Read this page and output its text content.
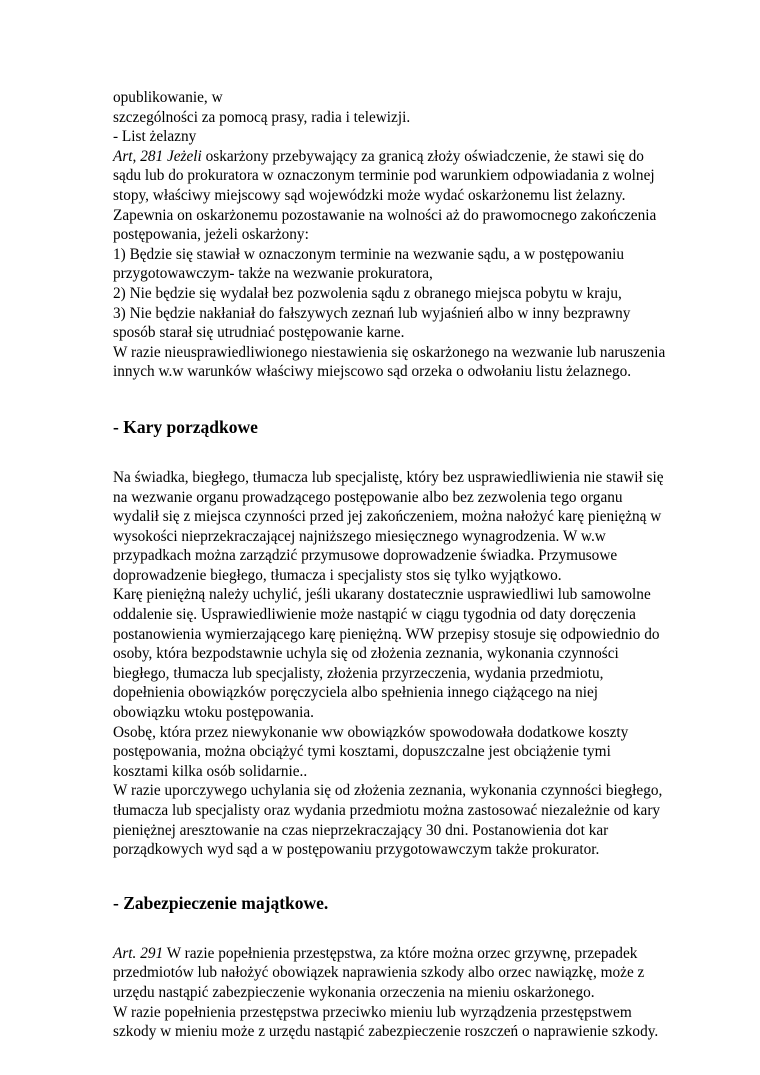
opublikowanie, w
szczególności za pomocą prasy, radia i telewizji.
- List żelazny
Art, 281 Jeżeli oskarżony przebywający za granicą złoży oświadczenie, że stawi się do
sądu lub do prokuratora w oznaczonym terminie pod warunkiem odpowiadania z wolnej
stopy, właściwy miejscowy sąd wojewódzki może wydać oskarżonemu list żelazny.
Zapewnia on oskarżonemu pozostawanie na wolności aż do prawomocnego zakończenia
postępowania, jeżeli oskarżony:
1) Będzie się stawiał w oznaczonym terminie na wezwanie sądu, a w postępowaniu
przygotowawczym- także na wezwanie prokuratora,
2) Nie będzie się wydalał bez pozwolenia sądu z obranego miejsca pobytu w kraju,
3) Nie będzie nakłaniał do fałszywych zeznań lub wyjaśnień albo w inny bezprawny
sposób starał się utrudniać postępowanie karne.
W razie nieusprawiedliwionego niestawienia się oskarżonego na wezwanie lub naruszenia
innych w.w warunków właściwy miejscowo sąd orzeka o odwołaniu listu żelaznego.
- Kary porządkowe
Na świadka, biegłego, tłumacza lub specjalistę, który bez usprawiedliwienia nie stawił się
na wezwanie organu prowadzącego postępowanie albo bez zezwolenia tego organu
wydalił się z miejsca czynności przed jej zakończeniem, można nałożyć karę pieniężną w
wysokości nieprzekraczającej najniższego miesięcznego wynagrodzenia. W w.w
przypadkach można zarządzić przymusowe doprowadzenie świadka. Przymusowe
doprowadzenie biegłego, tłumacza i specjalisty stos się tylko wyjątkowo.
Karę pieniężną należy uchylić, jeśli ukarany dostatecznie usprawiedliwi lub samowolne
oddalenie się. Usprawiedliwienie może nastąpić w ciągu tygodnia od daty doręczenia
postanowienia wymierzającego karę pieniężną. WW przepisy stosuje się odpowiednio do
osoby, która bezpodstawnie uchyla się od złożenia zeznania, wykonania czynności
biegłego, tłumacza lub specjalisty, złożenia przyrzeczenia, wydania przedmiotu,
dopełnienia obowiązków poręczyciela albo spełnienia innego ciążącego na niej
obowiązku wtoku postępowania.
Osobę, która przez niewykonanie ww obowiązków spowodowała dodatkowe koszty
postępowania, można obciążyć tymi kosztami, dopuszczalne jest obciążenie tymi
kosztami kilka osób solidarnie..
W razie uporczywego uchylania się od złożenia zeznania, wykonania czynności biegłego,
tłumacza lub specjalisty oraz wydania przedmiotu można zastosować niezależnie od kary
pieniężnej aresztowanie na czas nieprzekraczający 30 dni. Postanowienia dot kar
porządkowych wyd sąd a w postępowaniu przygotowawczym także prokurator.
- Zabezpieczenie majątkowe.
Art. 291 W razie popełnienia przestępstwa, za które można orzec grzywnę, przepadek
przedmiotów lub nałożyć obowiązek naprawienia szkody albo orzec nawiązkę, może z
urzędu nastąpić zabezpieczenie wykonania orzeczenia na mieniu oskarżonego.
W razie popełnienia przestępstwa przeciwko mieniu lub wyrządzenia przestępstwem
szkody w mieniu może z urzędu nastąpić zabezpieczenie roszczeń o naprawienie szkody.
